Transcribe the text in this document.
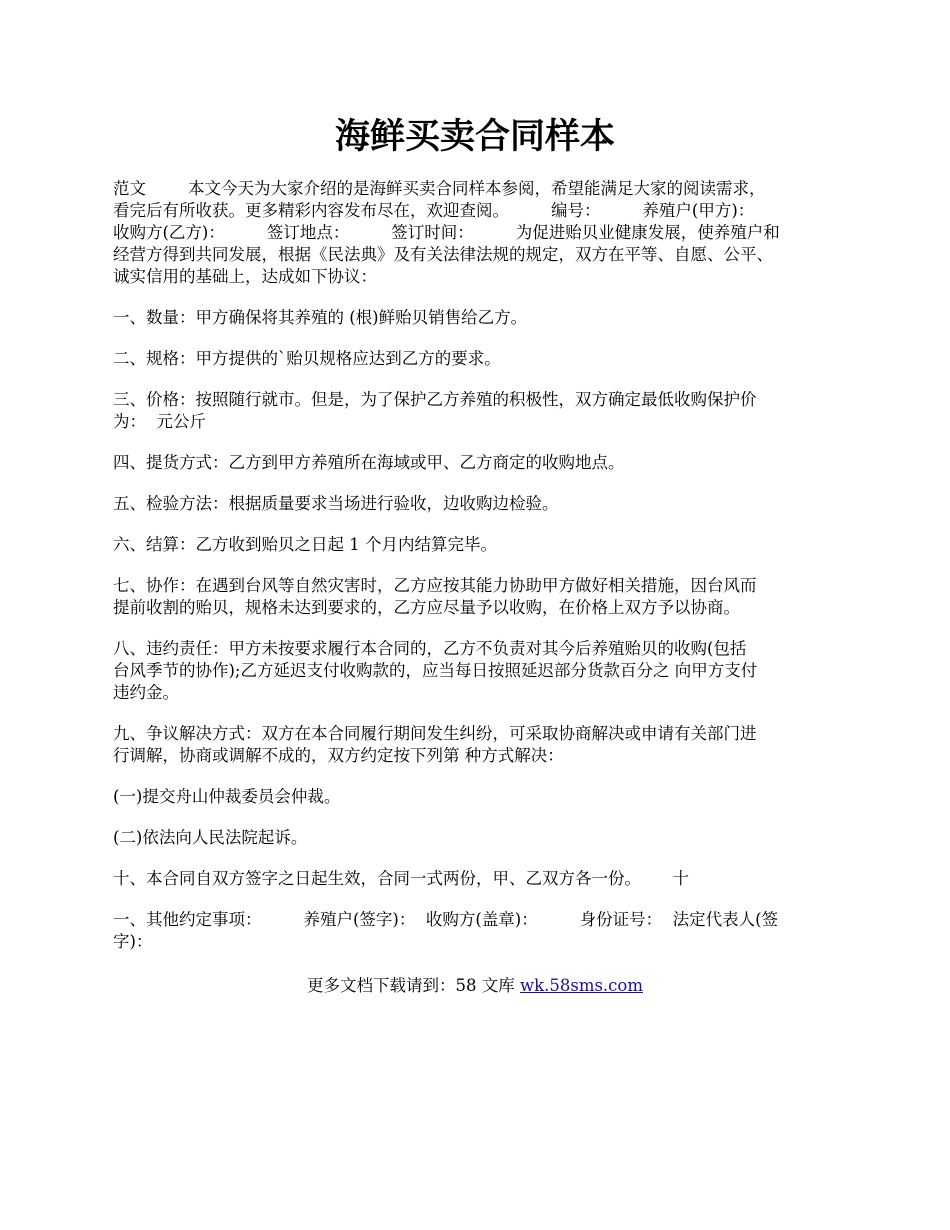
海鲜买卖合同样本
范文        本文今天为大家介绍的是海鲜买卖合同样本参阅，希望能满足大家的阅读需求，
看完后有所收获。更多精彩内容发布尽在，欢迎查阅。        编号：        养殖户(甲方)：
收购方(乙方)：        签订地点：        签订时间：        为促进贻贝业健康发展，使养殖户和
经营方得到共同发展，根据《民法典》及有关法律法规的规定，双方在平等、自愿、公平、
诚实信用的基础上，达成如下协议：
一、数量：甲方确保将其养殖的 (根)鲜贻贝销售给乙方。
二、规格：甲方提供的`贻贝规格应达到乙方的要求。
三、价格：按照随行就市。但是，为了保护乙方养殖的积极性，双方确定最低收购保护价
为：  元公斤
四、提货方式：乙方到甲方养殖所在海域或甲、乙方商定的收购地点。
五、检验方法：根据质量要求当场进行验收，边收购边检验。
六、结算：乙方收到贻贝之日起 1 个月内结算完毕。
七、协作：在遇到台风等自然灾害时，乙方应按其能力协助甲方做好相关措施，因台风而
提前收割的贻贝，规格未达到要求的，乙方应尽量予以收购，在价格上双方予以协商。
八、违约责任：甲方未按要求履行本合同的，乙方不负责对其今后养殖贻贝的收购(包括
台风季节的协作);乙方延迟支付收购款的，应当每日按照延迟部分货款百分之 向甲方支付
违约金。
九、争议解决方式：双方在本合同履行期间发生纠纷，可采取协商解决或申请有关部门进
行调解，协商或调解不成的，双方约定按下列第 种方式解决：
(一)提交舟山仲裁委员会仲裁。
(二)依法向人民法院起诉。
十、本合同自双方签字之日起生效，合同一式两份，甲、乙双方各一份。      十
一、其他约定事项：        养殖户(签字)：  收购方(盖章)：        身份证号：  法定代表人(签
字)：
更多文档下载请到：58 文库 wk.58sms.com
